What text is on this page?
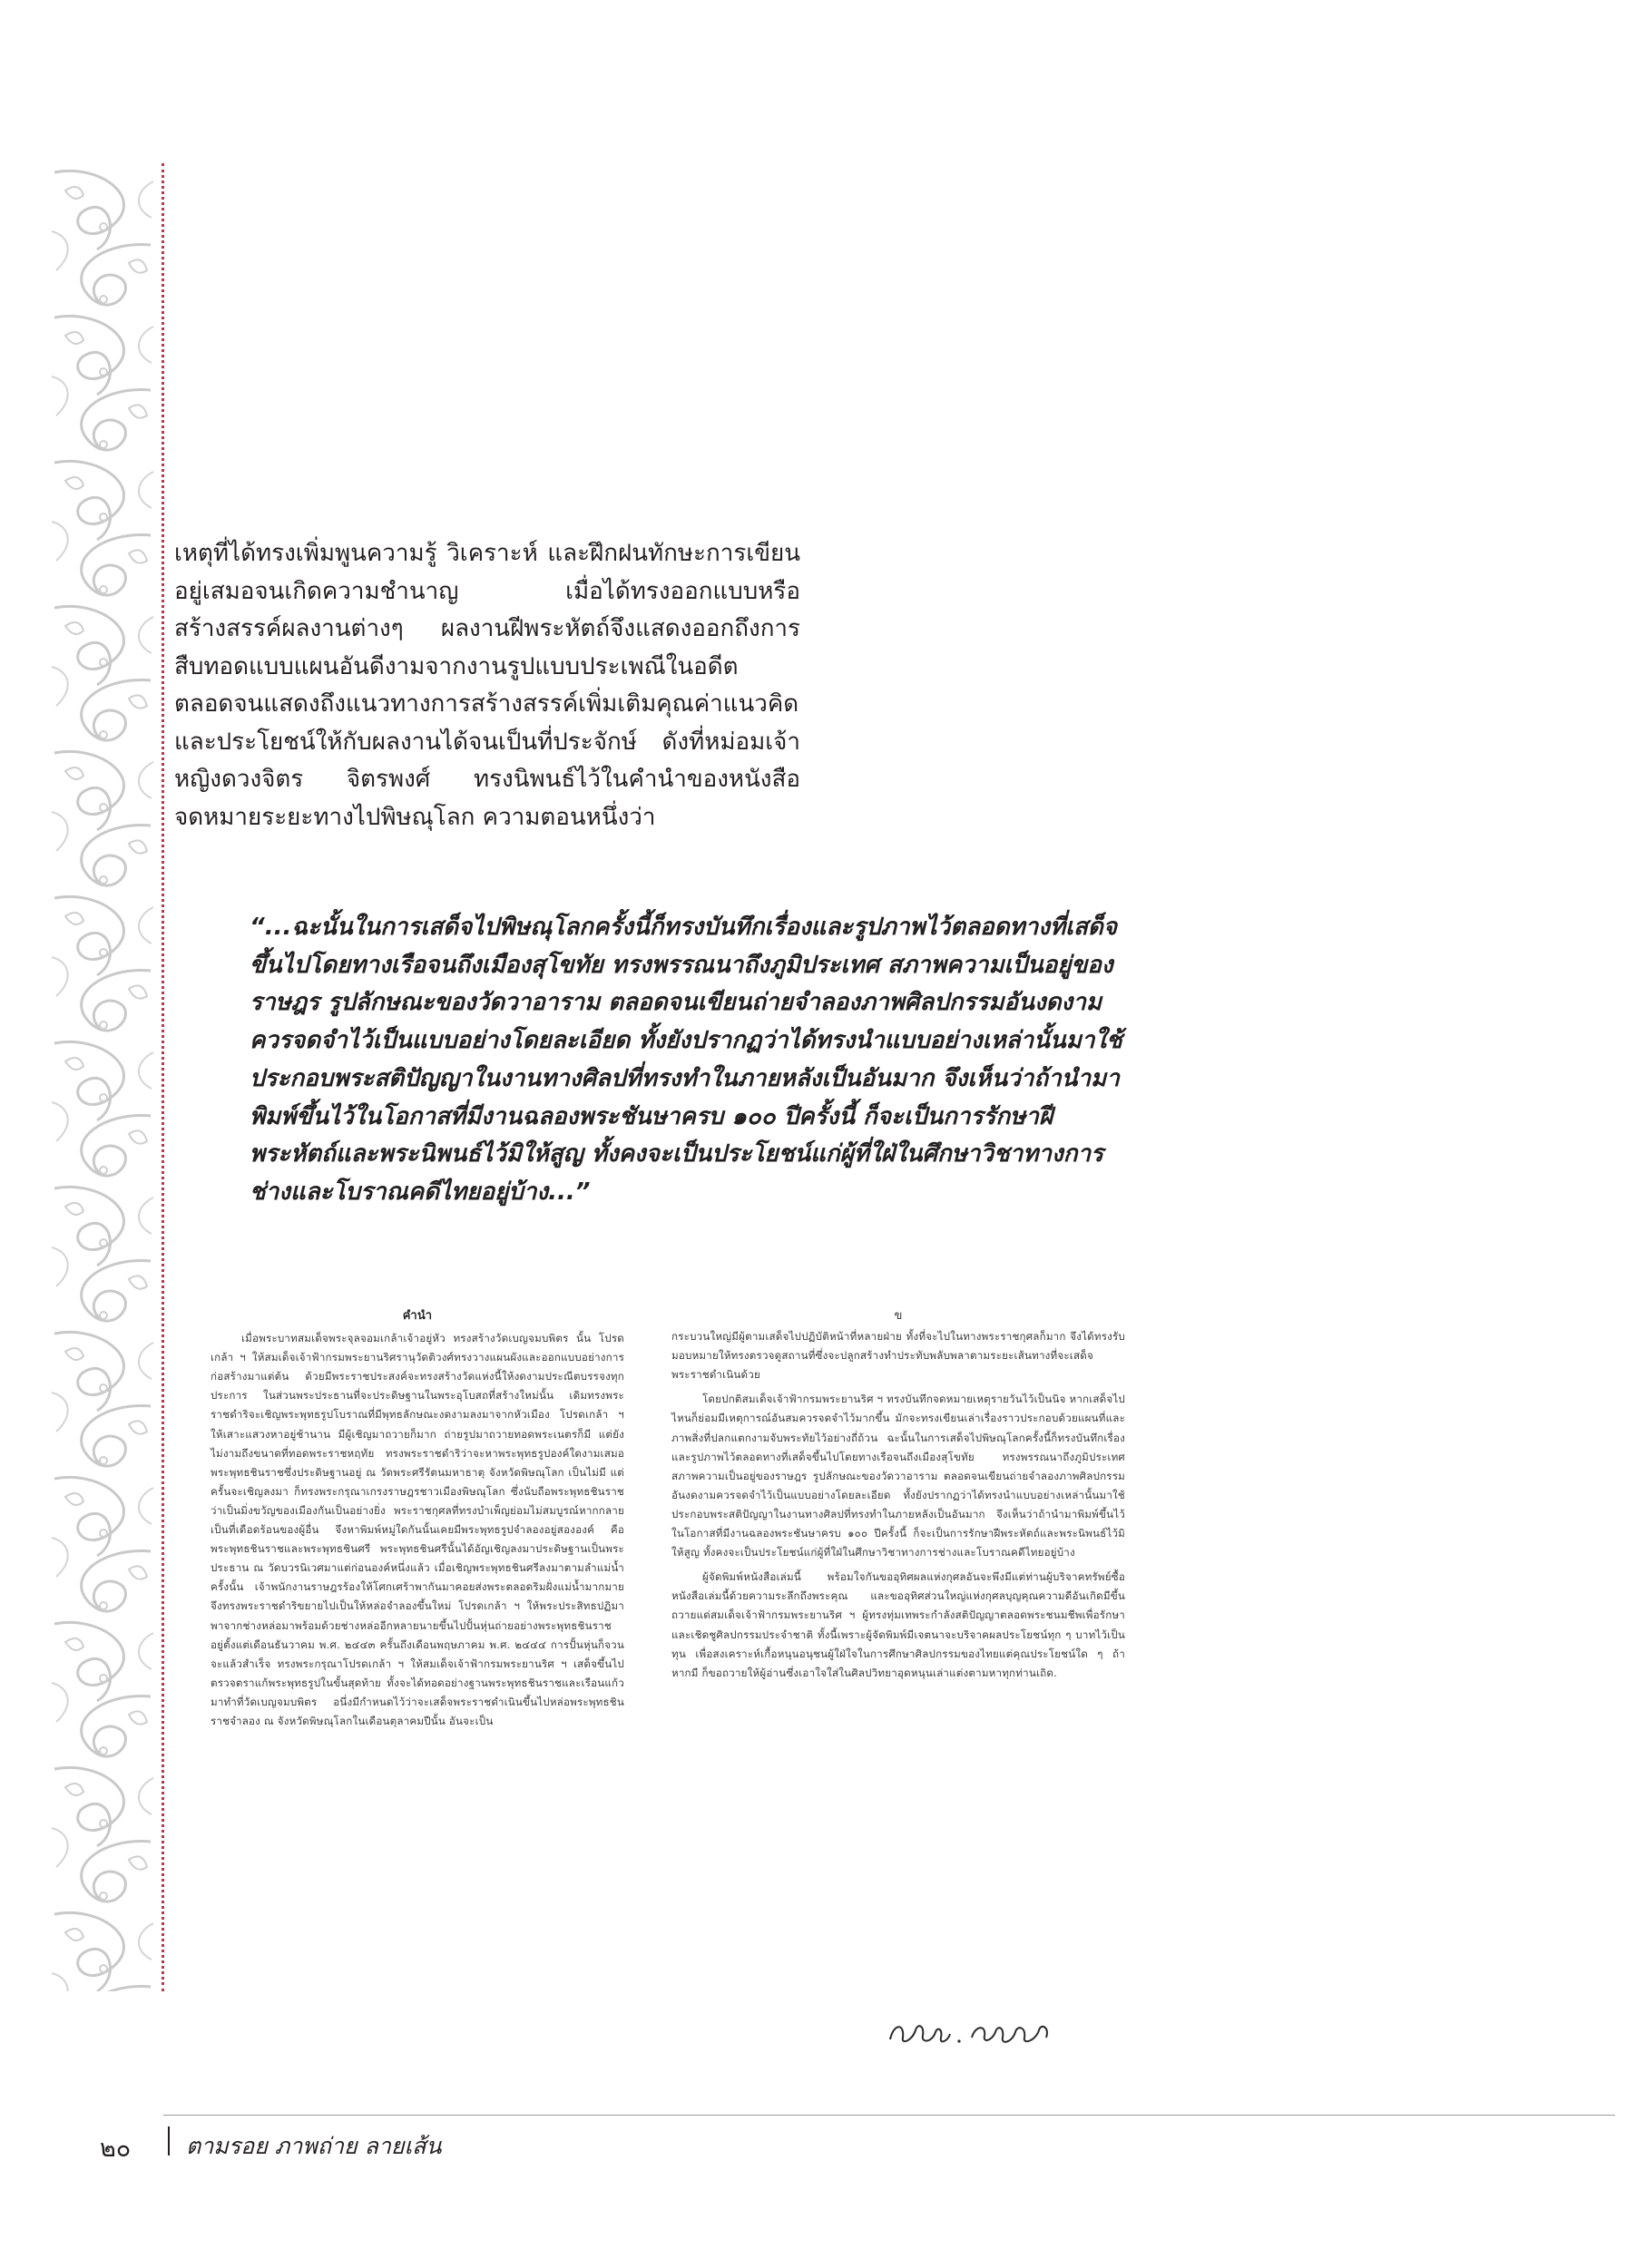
เหตุที่ได้ทรงเพิ่มพูนความรู้ วิเคราะห์ และฝึกฝนทักษะการเขียนอยู่เสมอจนเกิดความชำนาญ เมื่อได้ทรงออกแบบหรือสร้างสรรค์ผลงานต่างๆ ผลงานฝีพระหัตถ์จึงแสดงออกถึงการสืบทอดแบบแผนอันดีงามจากงานรูปแบบประเพณีในอดีต ตลอดจนแสดงถึงแนวทางการสร้างสรรค์เพิ่มเติมคุณค่าแนวคิดและประโยชน์ให้กับผลงานได้จนเป็นที่ประจักษ์ ดังที่หม่อมเจ้าหญิงดวงจิตร จิตรพงศ์ ทรงนิพนธ์ไว้ในคำนำของหนังสือ จดหมายระยะทางไปพิษณุโลก ความตอนหนึ่งว่า

“...ฉะนั้นในการเสด็จไปพิษณุโลกครั้งนี้ก็ทรงบันทึกเรื่องและรูปภาพไว้ตลอดทางที่เสด็จขึ้นไปโดยทางเรือจนถึงเมืองสุโขทัย ทรงพรรณนาถึงภูมิประเทศ สภาพความเป็นอยู่ของราษฎร รูปลักษณะของวัดวาอาราม ตลอดจนเขียนถ่ายจำลองภาพศิลปกรรมอันงดงามควรจดจำไว้เป็นแบบอย่างโดยละเอียด ทั้งยังปรากฏว่าได้ทรงนำแบบอย่างเหล่านั้นมาใช้ประกอบพระสติปัญญาในงานทางศิลปที่ทรงทำในภายหลังเป็นอันมาก จึงเห็นว่าถ้านำมาพิมพ์ขึ้นไว้ในโอกาสที่มีงานฉลองพระชันษาครบ ๑๐๐ ปีครั้งนี้ ก็จะเป็นการรักษาฝีพระหัตถ์และพระนิพนธ์ไว้มิให้สูญ ทั้งคงจะเป็นประโยชน์แก่ผู้ที่ใฝ่ในศึกษาวิชาทางการช่างและโบราณคดีไทยอยู่บ้าง...”

คำนำ

เมื่อพระบาทสมเด็จพระจุลจอมเกล้าเจ้าอยู่หัว ทรงสร้างวัดเบญจมบพิตร นั้น โปรดเกล้า ฯ ให้สมเด็จเจ้าฟ้ากรมพระยานริศรานุวัดติวงศ์ทรงวางแผนผังและออกแบบอย่างการก่อสร้างมาแต่ต้น ด้วยมีพระราชประสงค์จะทรงสร้างวัดแห่งนี้ให้งดงามประณีตบรรจงทุกประการ ในส่วนพระประธานที่จะประดิษฐานในพระอุโบสถที่สร้างใหม่นั้น เดิมทรงพระราชดำริจะเชิญพระพุทธรูปโบราณที่มีพุทธลักษณะงดงามลงมาจากหัวเมือง โปรดเกล้า ฯ ให้เสาะแสวงหาอยู่ช้านาน มีผู้เชิญมาถวายก็มาก ถ่ายรูปมาถวายทอดพระเนตรก็มี แต่ยังไม่งามถึงขนาดที่ทอดพระราชหฤทัย ทรงพระราชดำริว่าจะหาพระพุทธรูปองค์ใดงามเสมอพระพุทธชินราชซึ่งประดิษฐานอยู่ ณ วัดพระศรีรัตนมหาธาตุ จังหวัดพิษณุโลก เป็นไม่มี แต่ครั้นจะเชิญลงมา ก็ทรงพระกรุณาเกรงราษฎรชาวเมืองพิษณุโลก ซึ่งนับถือพระพุทธชินราชว่าเป็นมิ่งขวัญของเมืองกันเป็นอย่างยิ่ง พระราชกุศลที่ทรงบำเพ็ญย่อมไม่สมบูรณ์หากกลายเป็นที่เดือดร้อนของผู้อื่น จึงหาพิมพ์หมู่ใดกันนั้นเคยมีพระพุทธรูปจำลองอยู่สององค์ คือพระพุทธชินราชและพระพุทธชินศรี พระพุทธชินศรีนั้นได้อัญเชิญลงมาประดิษฐานเป็นพระประธาน ณ วัดบวรนิเวศมาแต่ก่อนองค์หนึ่งแล้ว เมื่อเชิญพระพุทธชินศรีลงมาตามลำแม่น้ำครั้งนั้น เจ้าพนักงานราษฎรร้องให้โศกเศร้าพากันมาคอยส่งพระตลอดริมฝั่งแม่น้ำมากมาย จึงทรงพระราชดำริขยายไปเป็นให้หล่อจำลองขึ้นใหม่ โปรดเกล้า ฯ ให้พระประสิทธปฏิมา พาจากช่างหล่อมาพร้อมด้วยช่างหล่ออีกหลายนายขึ้นไปปั้นหุ่นถ่ายอย่างพระพุทธชินราชอยู่ตั้งแต่เดือนธันวาคม พ.ศ. ๒๔๔๓ ครั้นถึงเดือนพฤษภาคม พ.ศ. ๒๔๔๔ การปั้นหุ่นก็จวนจะแล้วสำเร็จ ทรงพระกรุณาโปรดเกล้า ฯ ให้สมเด็จเจ้าฟ้ากรมพระยานริศ ฯ เสด็จขึ้นไปตรวจตราแก้พระพุทธรูปในขั้นสุดท้าย ทั้งจะได้ทอดอย่างฐานพระพุทธชินราชและเรือนแก้วมาทำที่วัดเบญจมบพิตร อนึ่งมีกำหนดไว้ว่าจะเสด็จพระราชดำเนินขึ้นไปหล่อพระพุทธชินราชจำลอง ณ จังหวัดพิษณุโลกในเดือนตุลาคมปีนั้น อันจะเป็น

ข

กระบวนใหญ่มีผู้ตามเสด็จไปปฏิบัติหน้าที่หลายฝ่าย ทั้งที่จะไปในทางพระราชกุศลก็มาก จึงได้ทรงรับมอบหมายให้ทรงตรวจดูสถานที่ซึ่งจะปลูกสร้างทำประทับพลับพลาตามระยะเส้นทางที่จะเสด็จพระราชดำเนินด้วย

โดยปกติสมเด็จเจ้าฟ้ากรมพระยานริศ ฯ ทรงบันทึกจดหมายเหตุรายวันไว้เป็นนิจ หากเสด็จไปไหนก็ย่อมมีเหตุการณ์อันสมควรจดจำไว้มากขึ้น มักจะทรงเขียนเล่าเรื่องราวประกอบด้วยแผนที่และภาพสิ่งที่ปลกแตกงามจับพระทัยไว้อย่างถี่ถ้วน ฉะนั้นในการเสด็จไปพิษณุโลกครั้งนี้ก็ทรงบันทึกเรื่องและรูปภาพไว้ตลอดทางที่เสด็จขึ้นไปโดยทางเรือจนถึงเมืองสุโขทัย ทรงพรรณนาถึงภูมิประเทศ สภาพความเป็นอยู่ของราษฎร รูปลักษณะของวัดวาอาราม ตลอดจนเขียนถ่ายจำลองภาพศิลปกรรมอันงดงามควรจดจำไว้เป็นแบบอย่างโดยละเอียด ทั้งยังปรากฏว่าได้ทรงนำแบบอย่างเหล่านั้นมาใช้ประกอบพระสติปัญญาในงานทางศิลปที่ทรงทำในภายหลังเป็นอันมาก จึงเห็นว่าถ้านำมาพิมพ์ขึ้นไว้ในโอกาสที่มีงานฉลองพระชันษาครบ ๑๐๐ ปีครั้งนี้ ก็จะเป็นการรักษาฝีพระหัตถ์และพระนิพนธ์ไว้มิให้สูญ ทั้งคงจะเป็นประโยชน์แก่ผู้ที่ใฝ่ในศึกษาวิชาทางการช่างและโบราณคดีไทยอยู่บ้าง

ผู้จัดพิมพ์หนังสือเล่มนี้ พร้อมใจกันขออุทิศผลแห่งกุศลอันจะพึงมีแต่ท่านผู้บริจาคทรัพย์ซื้อหนังสือเล่มนี้ด้วยความระลึกถึงพระคุณ และขออุทิศส่วนใหญ่แห่งกุศลบุญคุณความดีอันเกิดมีขึ้นถวายแด่สมเด็จเจ้าฟ้ากรมพระยานริศ ฯ ผู้ทรงทุ่มเทพระกำลังสติปัญญาตลอดพระชนมชีพเพื่อรักษาและเชิดชูศิลปกรรมประจำชาติ ทั้งนี้เพราะผู้จัดพิมพ์มีเจตนาจะบริจาคผลประโยชน์ทุก ๆ บาทไว้เป็นทุน เพื่อสงเคราะห์เกื้อหนุนอนุชนผู้ใฝ่ใจในการศึกษาศิลปกรรมของไทยแต่คุณประโยชน์ใด ๆ ถ้าหากมี ก็ขอถวายให้ผู้อ่านซึ่งเอาใจใส่ในศิลปวิทยาอุดหนุนเล่าแต่งตามหาทุกท่านเถิด.

๒๐ ตามรอย ภาพถ่าย ลายเส้น
